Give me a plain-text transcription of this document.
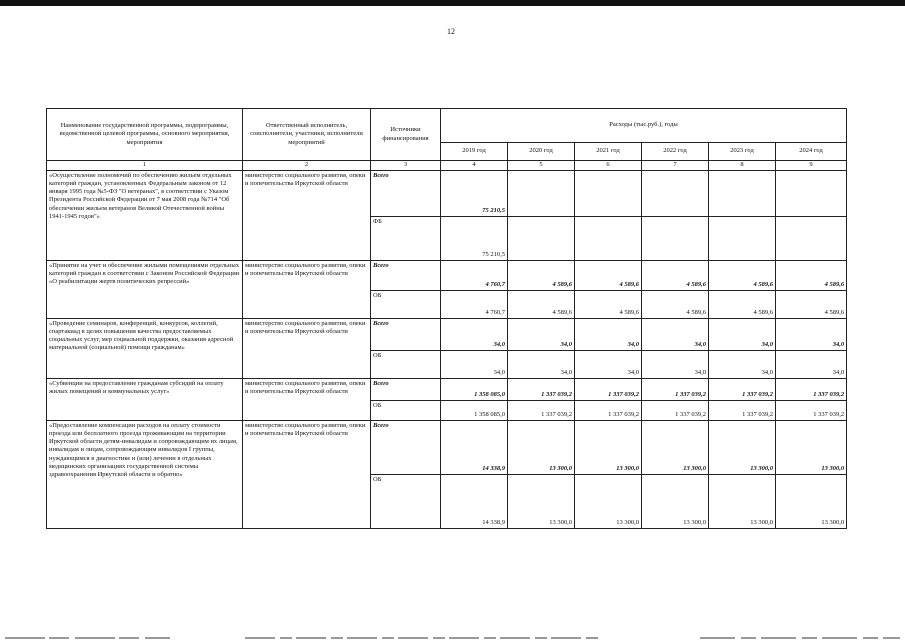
12
Наименование государственной программы, подпрограммы, ведомственной целевой программы, основного мероприятия, мероприятия	Ответственный исполнитель, соисполнители, участники, исполнители мероприятий	Источники финансирования	Расходы (тыс.руб.), годы					
			2019 год	2020 год	2021 год	2022 год	2023 год	2024 год
1	2	3	4	5	6	7	8	9
«Осуществление полномочий по обеспечению жильем отдельных категорий граждан, установленных Федеральным законом от 12 января 1995 года №5-ФЗ "О ветеранах", в соответствии с Указом Президента Российской Федерации от 7 мая 2008 года №714 "Об обеспечении жильем ветеранов Великой Отечественной войны 1941-1945 годов"»	министерство социального развития, опеки и попечительства Иркутской области	Всего	75 210,5					
		ФБ	75 210,5					
«Принятие на учет и обеспечение жилыми помещениями отдельных категорий граждан в соответствии с Законом Российской Федерации «О реабилитации жертв политических репрессий»	министерство социального развития, опеки и попечительства Иркутской области	Всего	4 760,7	4 589,6	4 589,6	4 589,6	4 589,6	4 589,6
		ОБ	4 760,7	4 589,6	4 589,6	4 589,6	4 589,6	4 589,6
«Проведение семинаров, конференций, конкурсов, коллегий, спартакиад в целях повышения качества предоставляемых социальных услуг, мер социальной поддержки, оказания адресной материальной (социальной) помощи гражданам»	министерство социального развития, опеки и попечительства Иркутской области	Всего	34,0	34,0	34,0	34,0	34,0	34,0
		ОБ	34,0	34,0	34,0	34,0	34,0	34,0
«Субвенции на предоставление гражданам субсидий на оплату жилых помещений и коммунальных услуг»	министерство социального развития, опеки и попечительства Иркутской области	Всего	1 358 085,0	1 337 039,2	1 337 039,2	1 337 039,2	1 337 039,2	1 337 039,2
		ОБ	1 358 085,0	1 337 039,2	1 337 039,2	1 337 039,2	1 337 039,2	1 337 039,2
«Предоставление компенсации расходов на оплату стоимости проезда или бесплатного проезда проживающим на территории Иркутской области детям-инвалидам и сопровождающим их лицам, инвалидам и лицам, сопровождающим инвалидов I группы, нуждающимся в диагностике и (или) лечении в отдельных медицинских организациях государственной системы здравоохранения Иркутской области и обратно»	министерство социального развития, опеки и попечительства Иркутской области	Всего	14 338,9	13 300,0	13 300,0	13 300,0	13 300,0	13 300,0
		ОБ	14 338,9	13 300,0	13 300,0	13 300,0	13 300,0	13 300,0
